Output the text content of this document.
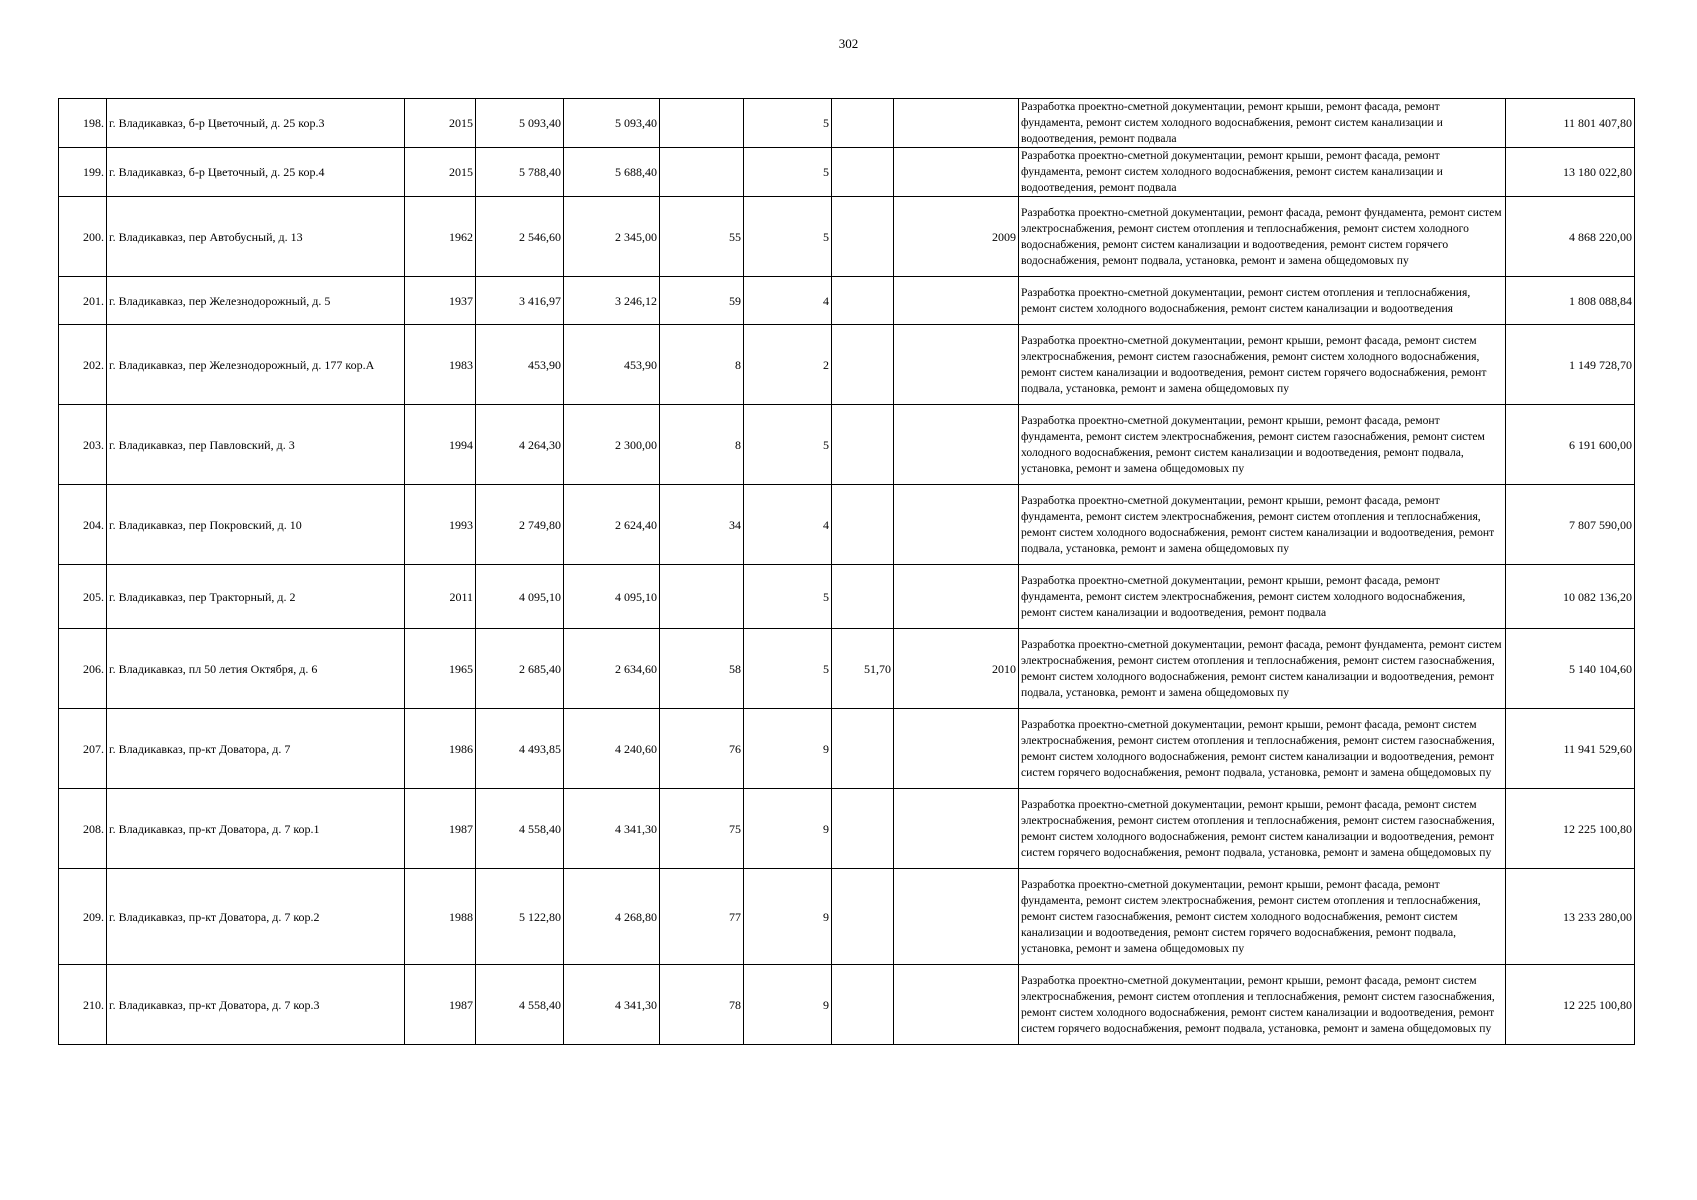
302
198.	г. Владикавказ, б-р Цветочный, д. 25 кор.3	2015	5 093,40	5 093,40		5			Разработка проектно-сметной документации, ремонт крыши, ремонт фасада, ремонт фундамента, ремонт систем холодного водоснабжения, ремонт систем канализации и водоотведения, ремонт подвала	11 801 407,80
199.	г. Владикавказ, б-р Цветочный, д. 25 кор.4	2015	5 788,40	5 688,40		5			Разработка проектно-сметной документации, ремонт крыши, ремонт фасада, ремонт фундамента, ремонт систем холодного водоснабжения, ремонт систем канализации и водоотведения, ремонт подвала	13 180 022,80
200.	г. Владикавказ, пер Автобусный, д. 13	1962	2 546,60	2 345,00	55	5		2009	Разработка проектно-сметной документации, ремонт фасада, ремонт фундамента, ремонт систем электроснабжения, ремонт систем отопления и теплоснабжения, ремонт систем холодного водоснабжения, ремонт систем канализации и водоотведения, ремонт систем горячего водоснабжения, ремонт подвала, установка, ремонт и замена общедомовых пу	4 868 220,00
201.	г. Владикавказ, пер Железнодорожный, д. 5	1937	3 416,97	3 246,12	59	4			Разработка проектно-сметной документации, ремонт систем отопления и теплоснабжения, ремонт систем холодного водоснабжения, ремонт систем канализации и водоотведения	1 808 088,84
202.	г. Владикавказ, пер Железнодорожный, д. 177 кор.А	1983	453,90	453,90	8	2			Разработка проектно-сметной документации, ремонт крыши, ремонт фасада, ремонт систем электроснабжения, ремонт систем газоснабжения, ремонт систем холодного водоснабжения, ремонт систем канализации и водоотведения, ремонт систем горячего водоснабжения, ремонт подвала, установка, ремонт и замена общедомовых пу	1 149 728,70
203.	г. Владикавказ, пер Павловский, д. 3	1994	4 264,30	2 300,00	8	5			Разработка проектно-сметной документации, ремонт крыши, ремонт фасада, ремонт фундамента, ремонт систем электроснабжения, ремонт систем газоснабжения, ремонт систем холодного водоснабжения, ремонт систем канализации и водоотведения, ремонт подвала, установка, ремонт и замена общедомовых пу	6 191 600,00
204.	г. Владикавказ, пер Покровский, д. 10	1993	2 749,80	2 624,40	34	4			Разработка проектно-сметной документации, ремонт крыши, ремонт фасада, ремонт фундамента, ремонт систем электроснабжения, ремонт систем отопления и теплоснабжения, ремонт систем холодного водоснабжения, ремонт систем канализации и водоотведения, ремонт подвала, установка, ремонт и замена общедомовых пу	7 807 590,00
205.	г. Владикавказ, пер Тракторный, д. 2	2011	4 095,10	4 095,10		5			Разработка проектно-сметной документации, ремонт крыши, ремонт фасада, ремонт фундамента, ремонт систем электроснабжения, ремонт систем холодного водоснабжения, ремонт систем канализации и водоотведения, ремонт подвала	10 082 136,20
206.	г. Владикавказ, пл 50 летия Октября, д. 6	1965	2 685,40	2 634,60	58	5	51,70	2010	Разработка проектно-сметной документации, ремонт фасада, ремонт фундамента, ремонт систем электроснабжения, ремонт систем отопления и теплоснабжения, ремонт систем газоснабжения, ремонт систем холодного водоснабжения, ремонт систем канализации и водоотведения, ремонт подвала, установка, ремонт и замена общедомовых пу	5 140 104,60
207.	г. Владикавказ, пр-кт Доватора, д. 7	1986	4 493,85	4 240,60	76	9			Разработка проектно-сметной документации, ремонт крыши, ремонт фасада, ремонт систем электроснабжения, ремонт систем отопления и теплоснабжения, ремонт систем газоснабжения, ремонт систем холодного водоснабжения, ремонт систем канализации и водоотведения, ремонт систем горячего водоснабжения, ремонт подвала, установка, ремонт и замена общедомовых пу	11 941 529,60
208.	г. Владикавказ, пр-кт Доватора, д. 7 кор.1	1987	4 558,40	4 341,30	75	9			Разработка проектно-сметной документации, ремонт крыши, ремонт фасада, ремонт систем электроснабжения, ремонт систем отопления и теплоснабжения, ремонт систем газоснабжения, ремонт систем холодного водоснабжения, ремонт систем канализации и водоотведения, ремонт систем горячего водоснабжения, ремонт подвала, установка, ремонт и замена общедомовых пу	12 225 100,80
209.	г. Владикавказ, пр-кт Доватора, д. 7 кор.2	1988	5 122,80	4 268,80	77	9			Разработка проектно-сметной документации, ремонт крыши, ремонт фасада, ремонт фундамента, ремонт систем электроснабжения, ремонт систем отопления и теплоснабжения, ремонт систем газоснабжения, ремонт систем холодного водоснабжения, ремонт систем канализации и водоотведения, ремонт систем горячего водоснабжения, ремонт подвала, установка, ремонт и замена общедомовых пу	13 233 280,00
210.	г. Владикавказ, пр-кт Доватора, д. 7 кор.3	1987	4 558,40	4 341,30	78	9			Разработка проектно-сметной документации, ремонт крыши, ремонт фасада, ремонт систем электроснабжения, ремонт систем отопления и теплоснабжения, ремонт систем газоснабжения, ремонт систем холодного водоснабжения, ремонт систем канализации и водоотведения, ремонт систем горячего водоснабжения, ремонт подвала, установка, ремонт и замена общедомовых пу	12 225 100,80
